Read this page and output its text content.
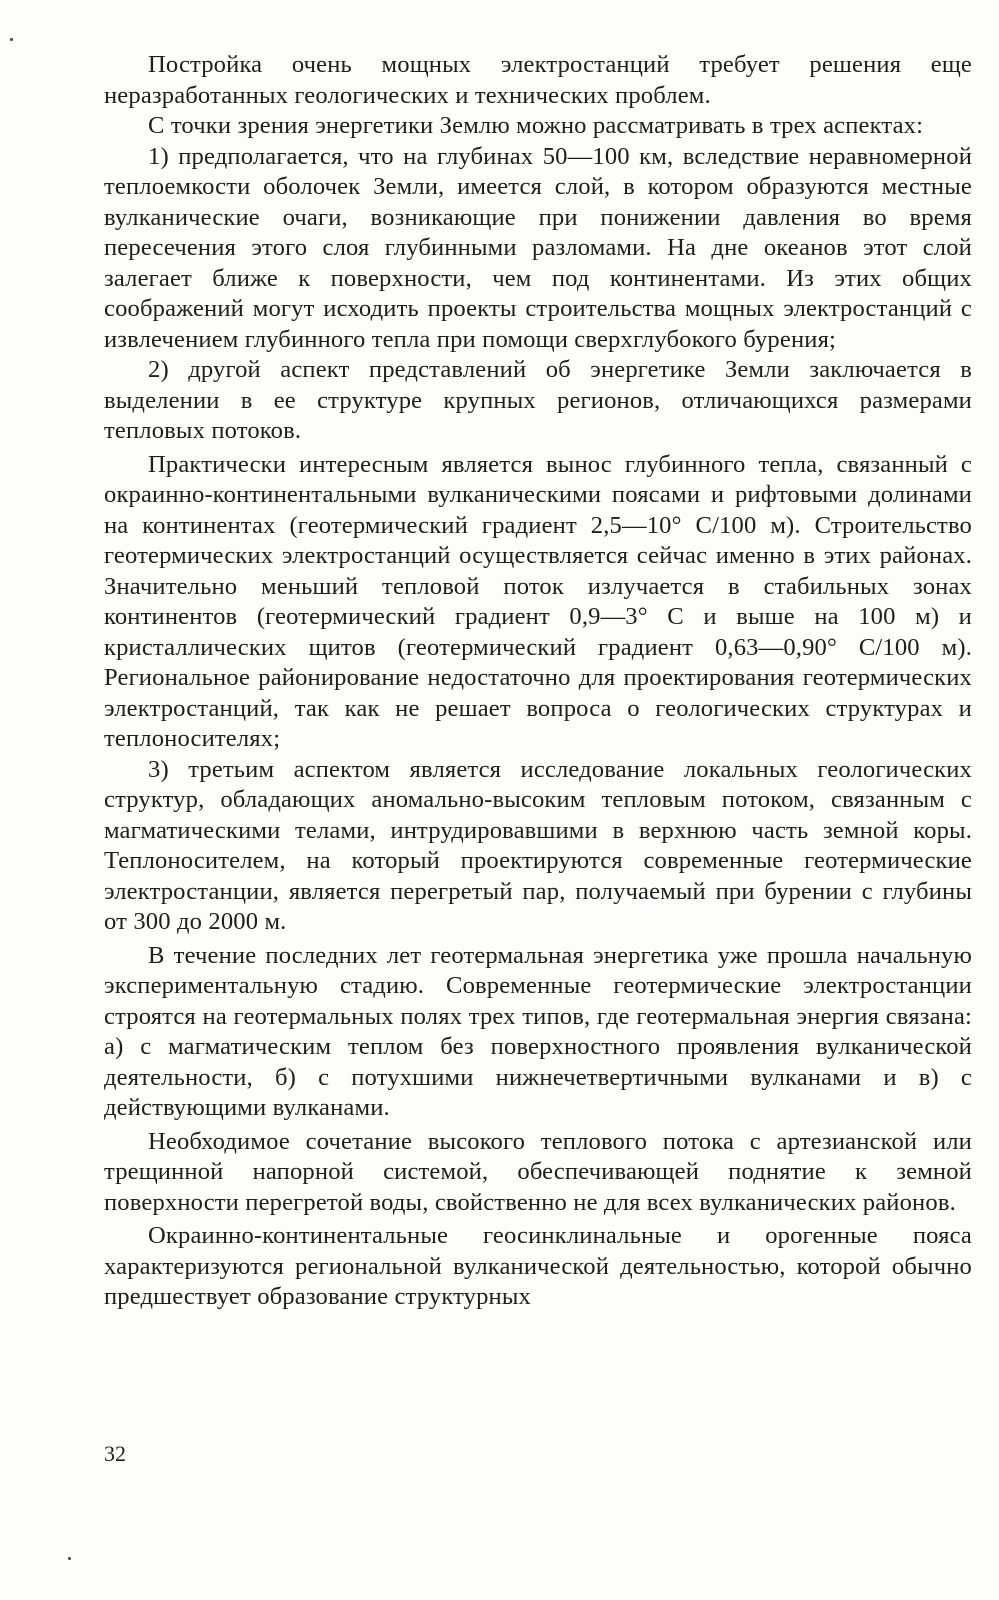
Постройка очень мощных электростанций требует решения еще неразработанных геологических и технических проблем.

С точки зрения энергетики Землю можно рассматривать в трех аспектах:

1) предполагается, что на глубинах 50—100 км, вследствие неравномерной теплоемкости оболочек Земли, имеется слой, в котором образуются местные вулканические очаги, возникающие при понижении давления во время пересечения этого слоя глубинными разломами. На дне океанов этот слой залегает ближе к поверхности, чем под континентами. Из этих общих соображений могут исходить проекты строительства мощных электростанций с извлечением глубинного тепла при помощи сверхглубокого бурения;

2) другой аспект представлений об энергетике Земли заключается в выделении в ее структуре крупных регионов, отличающихся размерами тепловых потоков.

Практически интересным является вынос глубинного тепла, связанный с окраинно-континентальными вулканическими поясами и рифтовыми долинами на континентах (геотермический градиент 2,5—10° С/100 м). Строительство геотермических электростанций осуществляется сейчас именно в этих районах. Значительно меньший тепловой поток излучается в стабильных зонах континентов (геотермический градиент 0,9—3° С и выше на 100 м) и кристаллических щитов (геотермический градиент 0,63—0,90° С/100 м). Региональное районирование недостаточно для проектирования геотермических электростанций, так как не решает вопроса о геологических структурах и теплоносителях;

3) третьим аспектом является исследование локальных геологических структур, обладающих аномально-высоким тепловым потоком, связанным с магматическими телами, интрудировавшими в верхнюю часть земной коры. Теплоносителем, на который проектируются современные геотермические электростанции, является перегретый пар, получаемый при бурении с глубины от 300 до 2000 м.

В течение последних лет геотермальная энергетика уже прошла начальную экспериментальную стадию. Современные геотермические электростанции строятся на геотермальных полях трех типов, где геотермальная энергия связана: а) с магматическим теплом без поверхностного проявления вулканической деятельности, б) с потухшими нижнечетвертичными вулканами и в) с действующими вулканами.

Необходимое сочетание высокого теплового потока с артезианской или трещинной напорной системой, обеспечивающей поднятие к земной поверхности перегретой воды, свойственно не для всех вулканических районов.

Окраинно-континентальные геосинклинальные и орогенные пояса характеризуются региональной вулканической деятельностью, которой обычно предшествует образование структурных

32
